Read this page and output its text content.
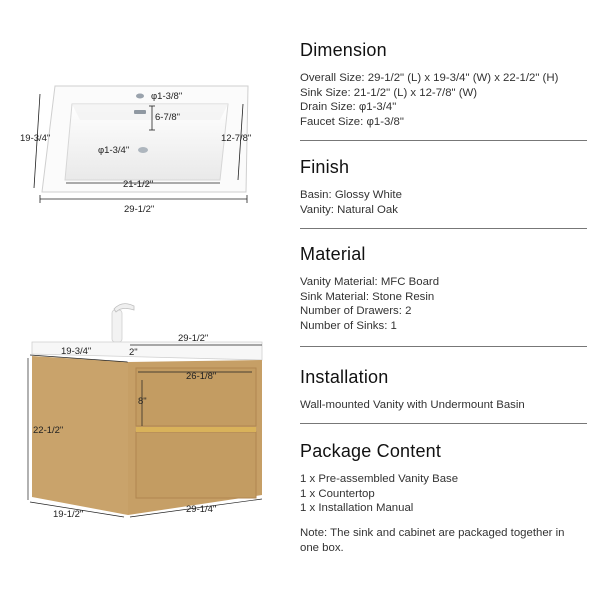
φ1-3/8"
6-7/8"
φ1-3/4"
19-3/4"	12-7/8"
21-1/2"
29-1/2"
29-1/2"
19-3/4"	2"
26-1/8"
8"
22-1/2"
19-1/2"	29-1/4"
Dimension
Overall Size: 29-1/2" (L) x 19-3/4" (W) x 22-1/2" (H)
Sink Size: 21-1/2" (L) x 12-7/8" (W)
Drain Size: φ1-3/4"
Faucet Size: φ1-3/8"
Finish
Basin: Glossy White
Vanity: Natural Oak
Material
Vanity Material: MFC Board
Sink Material: Stone Resin
Number of Drawers: 2
Number of Sinks: 1
Installation
Wall-mounted Vanity with Undermount Basin
Package Content
1 x Pre-assembled Vanity Base
1 x Countertop
1 x Installation Manual
Note: The sink and cabinet are packaged together in one box.
